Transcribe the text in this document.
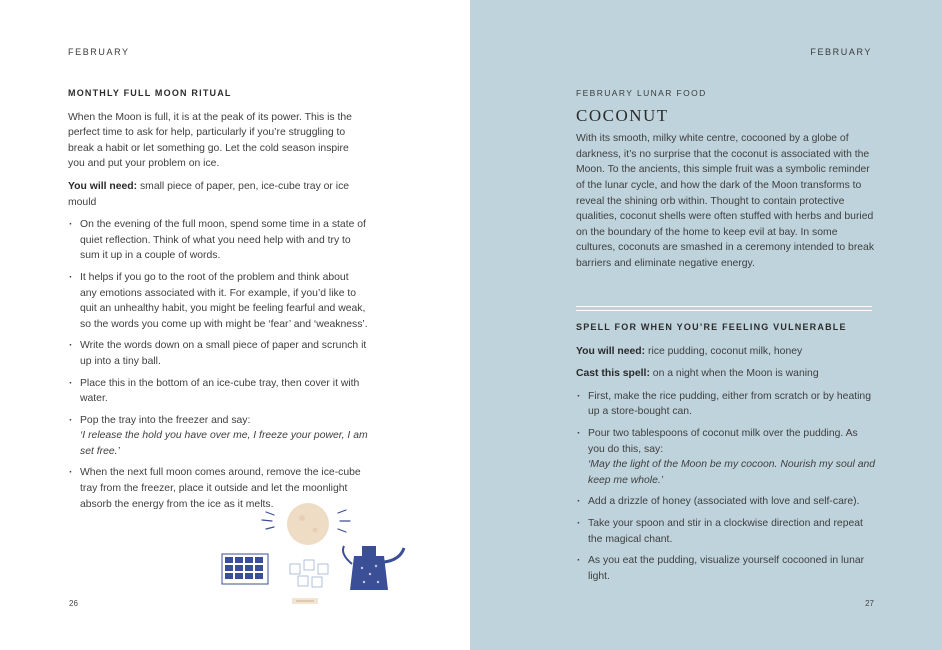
FEBRUARY
MONTHLY FULL MOON RITUAL

When the Moon is full, it is at the peak of its power. This is the perfect time to ask for help, particularly if you’re struggling to break a habit or let something go. Let the cold season inspire you and put your problem on ice.

You will need: small piece of paper, pen, ice-cube tray or ice mould

· On the evening of the full moon, spend some time in a state of quiet reflection. Think of what you need help with and try to sum it up in a couple of words.
· It helps if you go to the root of the problem and think about any emotions associated with it. For example, if you’d like to quit an unhealthy habit, you might be feeling fearful and weak, so the words you come up with might be ‘fear’ and ‘weakness’.
· Write the words down on a small piece of paper and scrunch it up into a tiny ball.
· Place this in the bottom of an ice-cube tray, then cover it with water.
· Pop the tray into the freezer and say:
‘I release the hold you have over me, I freeze your power, I am set free.’
· When the next full moon comes around, remove the ice-cube tray from the freezer, place it outside and let the moonlight absorb the energy from the ice as it melts.
26
FEBRUARY
27
FEBRUARY LUNAR FOOD
COCONUT

With its smooth, milky white centre, cocooned by a globe of darkness, it’s no surprise that the coconut is associated with the Moon. To the ancients, this simple fruit was a symbolic reminder of the lunar cycle, and how the dark of the Moon transforms to reveal the shining orb within. Thought to contain protective qualities, coconut shells were often stuffed with herbs and buried on the boundary of the home to keep evil at bay. In some cultures, coconuts are smashed in a ceremony intended to break barriers and eliminate negative energy.

SPELL FOR WHEN YOU’RE FEELING VULNERABLE

You will need: rice pudding, coconut milk, honey

Cast this spell: on a night when the Moon is waning

· First, make the rice pudding, either from scratch or by heating up a store-bought can.
· Pour two tablespoons of coconut milk over the pudding. As you do this, say:
‘May the light of the Moon be my cocoon. Nourish my soul and keep me whole.’
· Add a drizzle of honey (associated with love and self-care).
· Take your spoon and stir in a clockwise direction and repeat the magical chant.
· As you eat the pudding, visualize yourself cocooned in lunar light.
